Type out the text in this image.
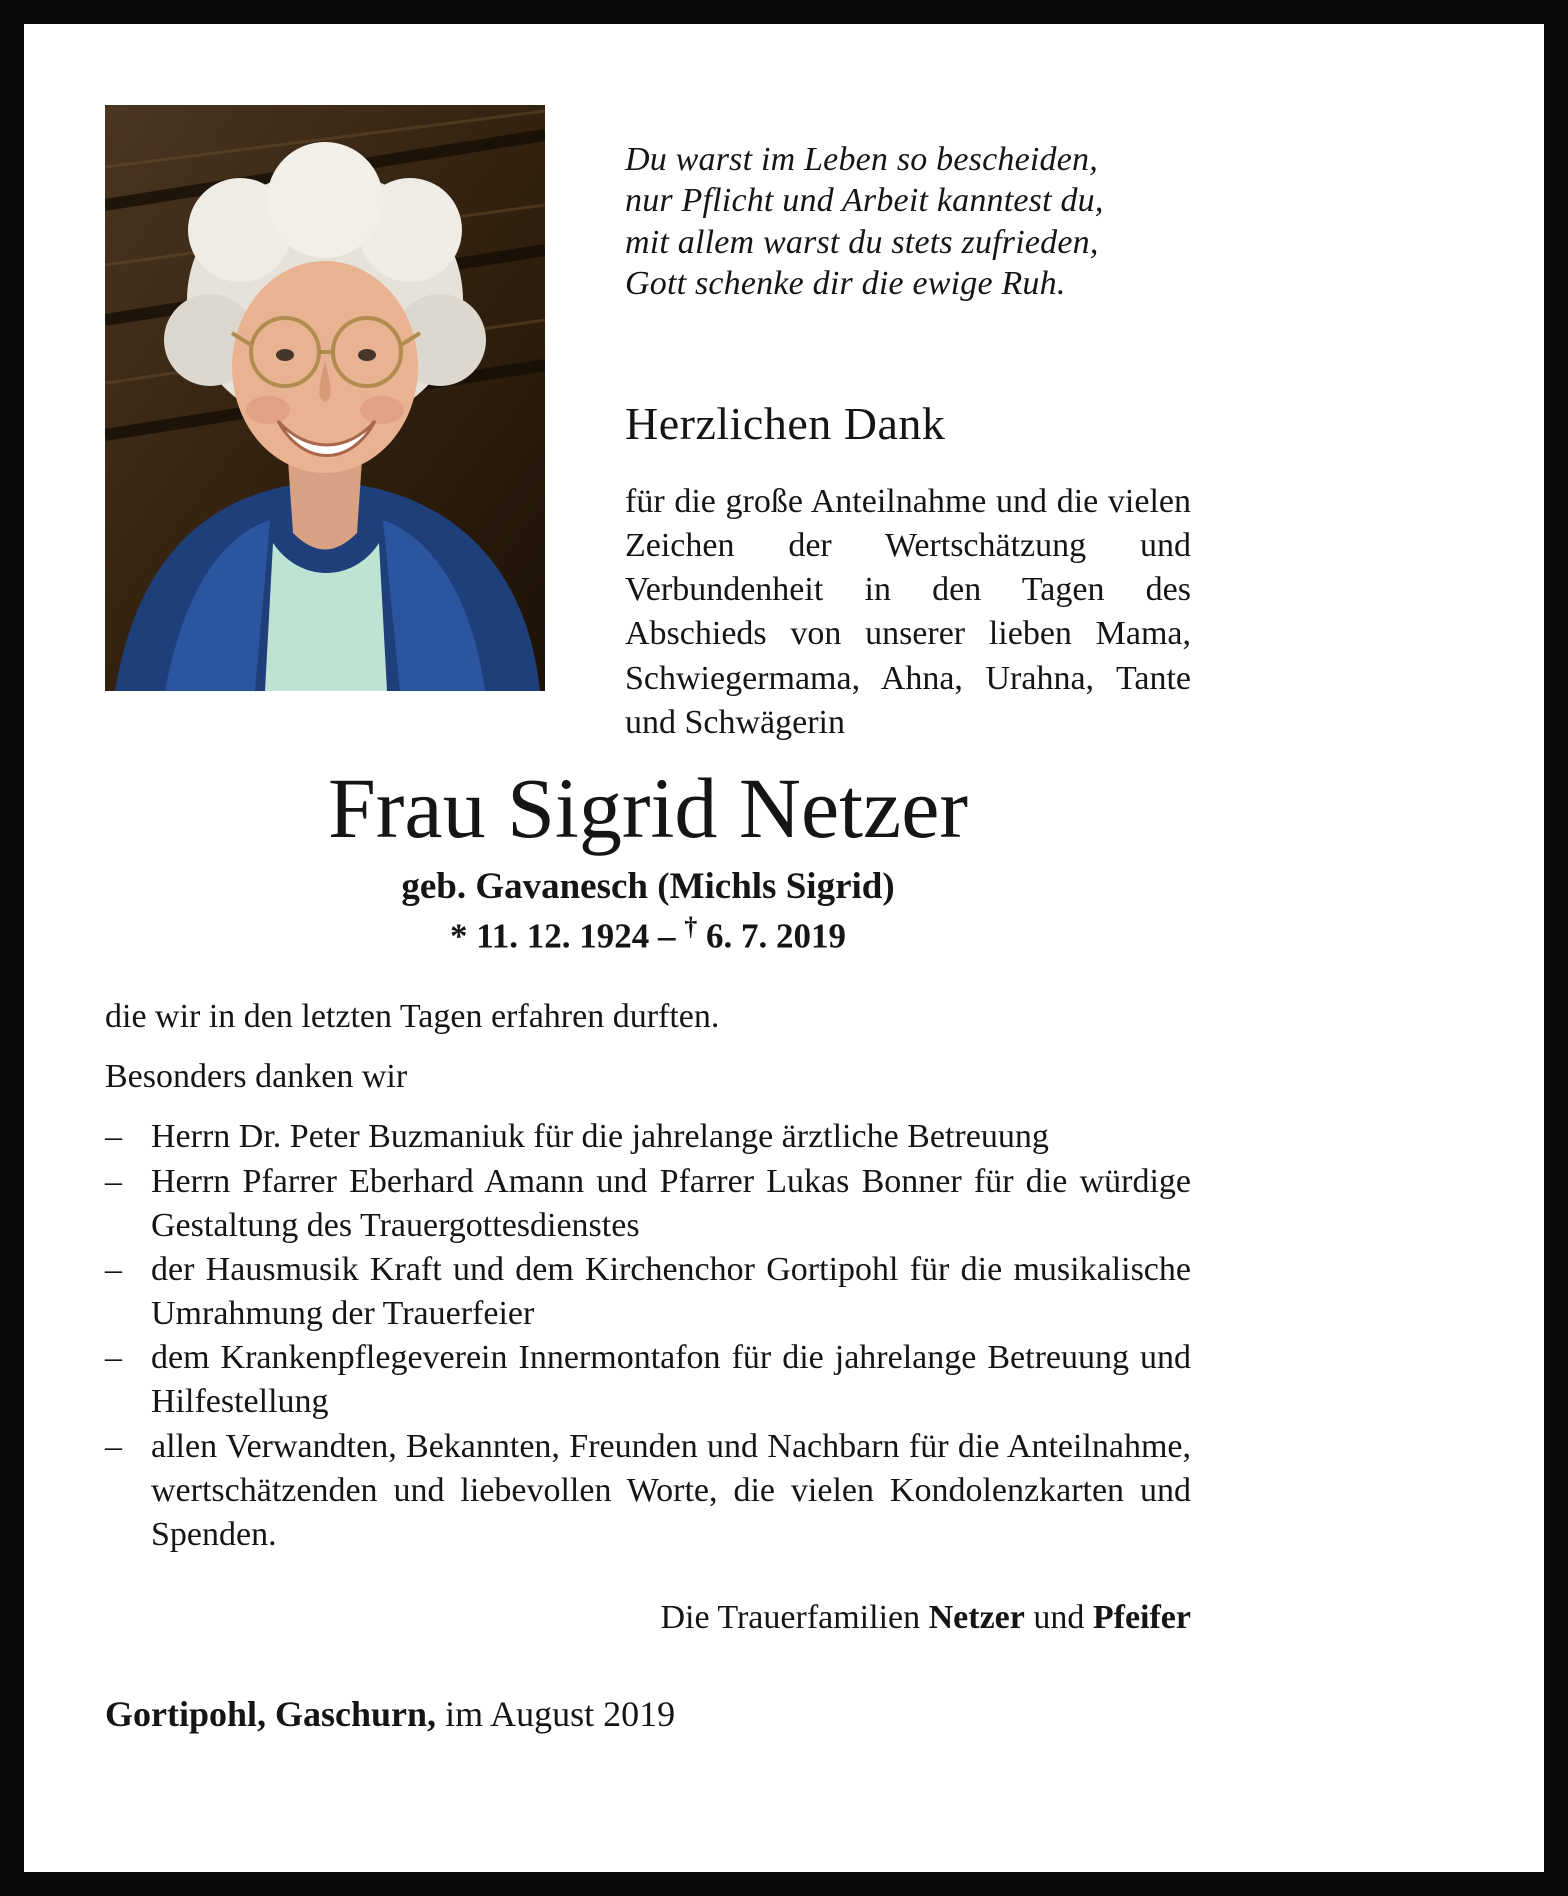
Du warst im Leben so bescheiden,
nur Pflicht und Arbeit kanntest du,
mit allem warst du stets zufrieden,
Gott schenke dir die ewige Ruh.
Herzlichen Dank
für die große Anteilnahme und die vielen Zeichen der Wertschätzung und Verbundenheit in den Tagen des Abschieds von unserer lieben Mama, Schwiegermama, Ahna, Urahna, Tante und Schwägerin
Frau Sigrid Netzer
geb. Gavanesch (Michls Sigrid)
* 11. 12. 1924 – † 6. 7. 2019
die wir in den letzten Tagen erfahren durften.
Besonders danken wir
– Herrn Dr. Peter Buzmaniuk für die jahrelange ärztliche Betreuung
– Herrn Pfarrer Eberhard Amann und Pfarrer Lukas Bonner für die würdige Gestaltung des Trauergottesdienstes
– der Hausmusik Kraft und dem Kirchenchor Gortipohl für die musikalische Umrahmung der Trauerfeier
– dem Krankenpflegeverein Innermontafon für die jahrelange Betreuung und Hilfestellung
– allen Verwandten, Bekannten, Freunden und Nachbarn für die Anteilnahme, wertschätzenden und liebevollen Worte, die vielen Kondolenzkarten und Spenden.
Die Trauerfamilien Netzer und Pfeifer
Gortipohl, Gaschurn, im August 2019
